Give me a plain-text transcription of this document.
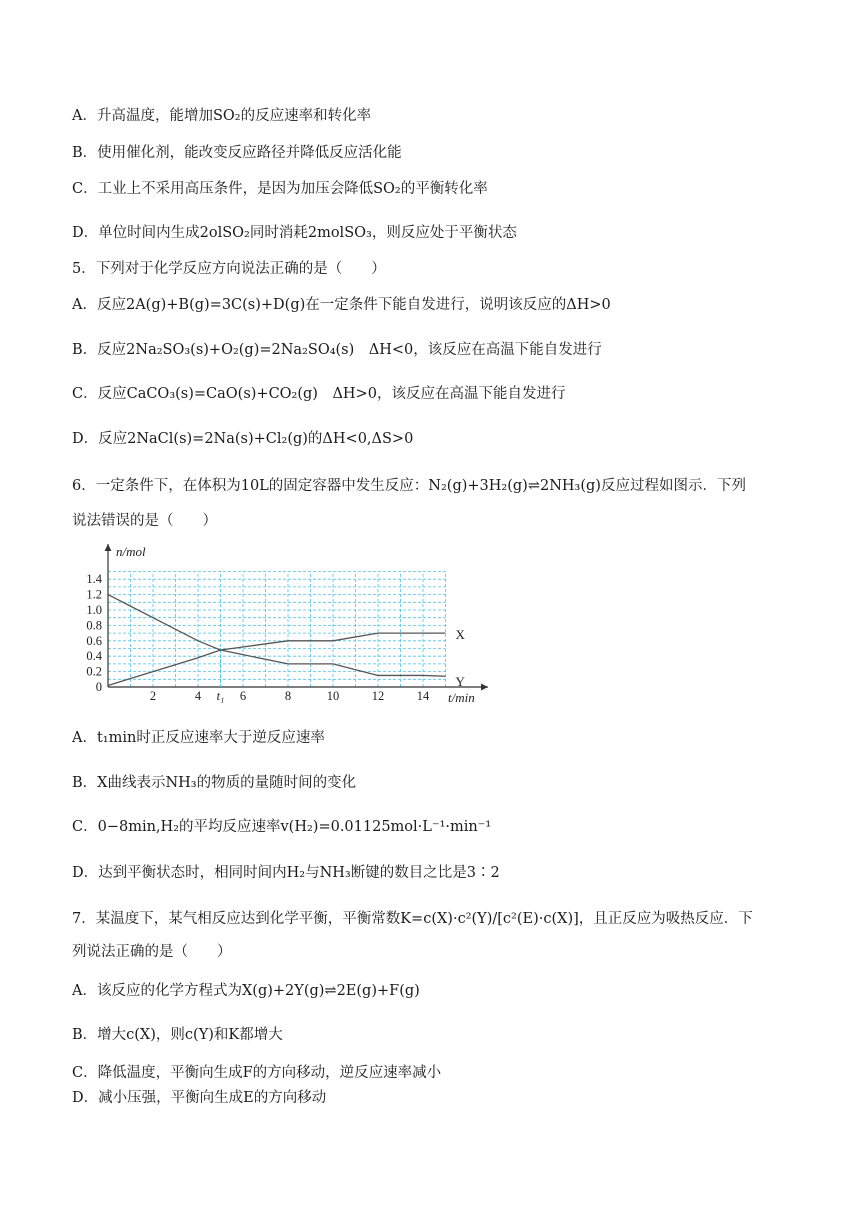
A．升高温度，能增加SO₂的反应速率和转化率
B．使用催化剂，能改变反应路径并降低反应活化能
C．工业上不采用高压条件，是因为加压会降低SO₂的平衡转化率
D．单位时间内生成2olSO₂同时消耗2molSO₃，则反应处于平衡状态
5．下列对于化学反应方向说法正确的是（　　）
A．反应2A(g)+B(g)=3C(s)+D(g)在一定条件下能自发进行，说明该反应的ΔH>0
B．反应2Na₂SO₃(s)+O₂(g)=2Na₂SO₄(s)　ΔH<0，该反应在高温下能自发进行
C．反应CaCO₃(s)=CaO(s)+CO₂(g)　ΔH>0，该反应在高温下能自发进行
D．反应2NaCl(s)=2Na(s)+Cl₂(g)的ΔH<0,ΔS>0
6．一定条件下，在体积为10L的固定容器中发生反应：N₂(g)+3H₂(g)⇌2NH₃(g)反应过程如图示．下列
说法错误的是（　　）
n/mol
t/min
0
0.2
0.4
0.6
0.8
1.0
1.2
1.4
2	4 t₁ 6	8	10	12	14
X
Y
A．t₁min时正反应速率大于逆反应速率
B．X曲线表示NH₃的物质的量随时间的变化
C．0−8min,H₂的平均反应速率v(H₂)=0.01125mol·L⁻¹·min⁻¹
D．达到平衡状态时，相同时间内H₂与NH₃断键的数目之比是3∶2
7．某温度下，某气相反应达到化学平衡，平衡常数K=c(X)·c²(Y)/[c²(E)·c(X)]，且正反应为吸热反应．下
列说法正确的是（　　）
A．该反应的化学方程式为X(g)+2Y(g)⇌2E(g)+F(g)
B．增大c(X)，则c(Y)和K都增大
C．降低温度，平衡向生成F的方向移动，逆反应速率减小
D．减小压强，平衡向生成E的方向移动
